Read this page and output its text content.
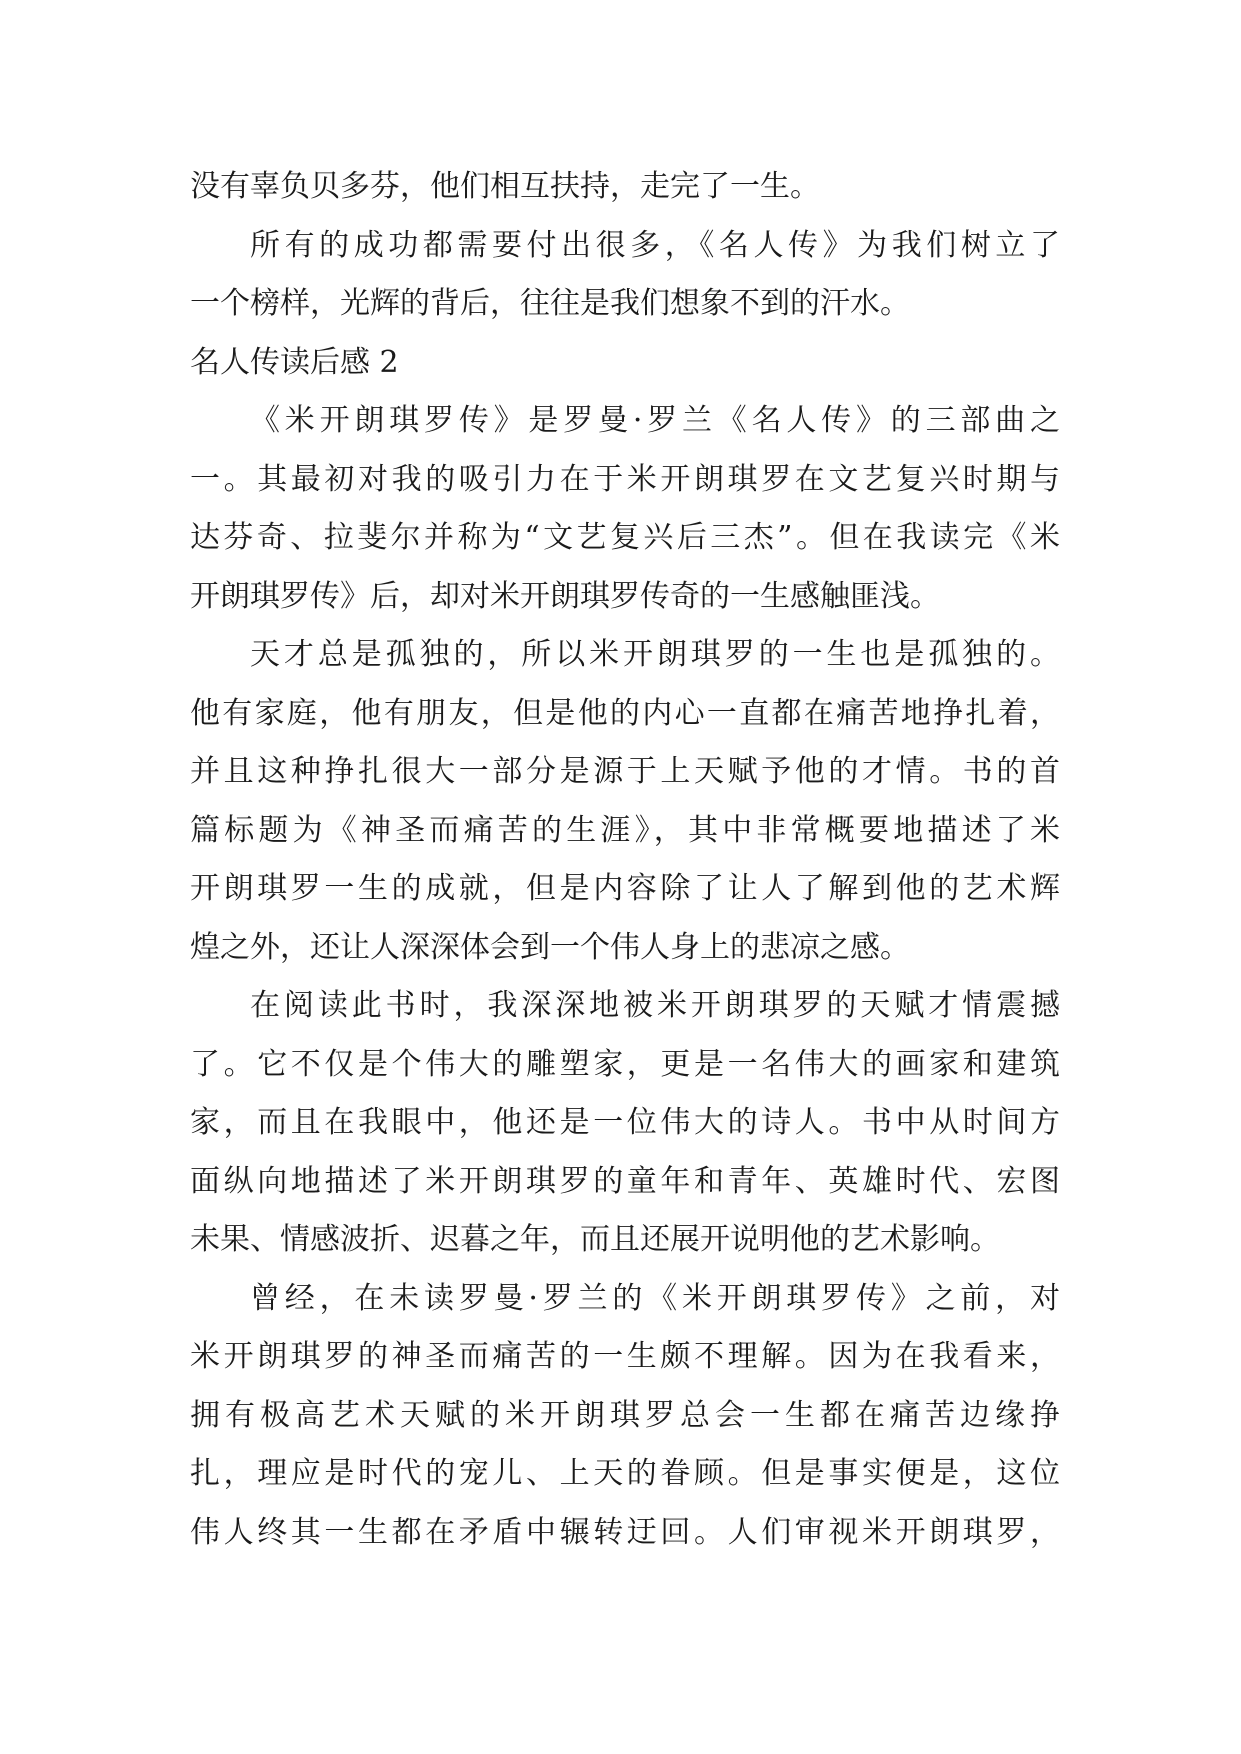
没有辜负贝多芬，他们相互扶持，走完了一生。
所有的成功都需要付出很多，《名人传》为我们树立了
一个榜样，光辉的背后，往往是我们想象不到的汗水。
名人传读后感 2
《米开朗琪罗传》是罗曼·罗兰《名人传》的三部曲之
一。其最初对我的吸引力在于米开朗琪罗在文艺复兴时期与
达芬奇、拉斐尔并称为“文艺复兴后三杰”。但在我读完《米
开朗琪罗传》后，却对米开朗琪罗传奇的一生感触匪浅。
天才总是孤独的，所以米开朗琪罗的一生也是孤独的。
他有家庭，他有朋友，但是他的内心一直都在痛苦地挣扎着，
并且这种挣扎很大一部分是源于上天赋予他的才情。书的首
篇标题为《神圣而痛苦的生涯》，其中非常概要地描述了米
开朗琪罗一生的成就，但是内容除了让人了解到他的艺术辉
煌之外，还让人深深体会到一个伟人身上的悲凉之感。
在阅读此书时，我深深地被米开朗琪罗的天赋才情震撼
了。它不仅是个伟大的雕塑家，更是一名伟大的画家和建筑
家，而且在我眼中，他还是一位伟大的诗人。书中从时间方
面纵向地描述了米开朗琪罗的童年和青年、英雄时代、宏图
未果、情感波折、迟暮之年，而且还展开说明他的艺术影响。
曾经，在未读罗曼·罗兰的《米开朗琪罗传》之前，对
米开朗琪罗的神圣而痛苦的一生颇不理解。因为在我看来，
拥有极高艺术天赋的米开朗琪罗总会一生都在痛苦边缘挣
扎，理应是时代的宠儿、上天的眷顾。但是事实便是，这位
伟人终其一生都在矛盾中辗转迂回。人们审视米开朗琪罗，
